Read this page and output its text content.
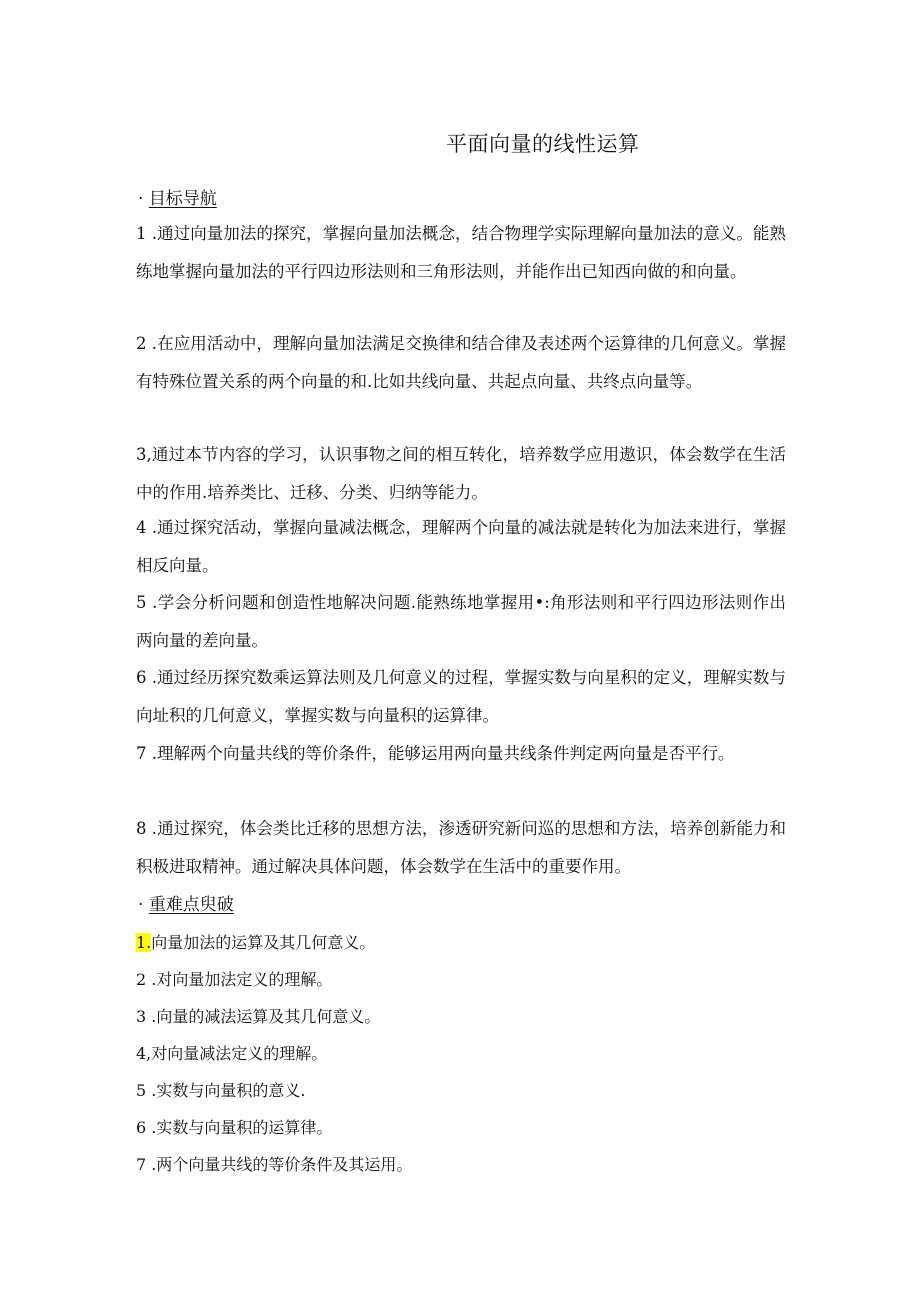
平面向量的线性运算
· 目标导航
1 .通过向量加法的探究，掌握向量加法概念，结合物理学实际理解向量加法的意义。能熟练地掌握向量加法的平行四边形法则和三角形法则，并能作出已知西向做的和向量。
2 .在应用活动中，理解向量加法满足交换律和结合律及表述两个运算律的几何意义。掌握有特殊位置关系的两个向量的和.比如共线向量、共起点向量、共终点向量等。
3,通过本节内容的学习，认识事物之间的相互转化，培养数学应用遨识，体会数学在生活中的作用.培养类比、迁移、分类、归纳等能力。
4 .通过探究活动，掌握向量减法概念，理解两个向量的减法就是转化为加法来进行，掌握相反向量。
5 .学会分析问题和创造性地解决问题.能熟练地掌握用•:角形法则和平行四边形法则作出两向量的差向量。
6 .通过经历探究数乘运算法则及几何意义的过程，掌握实数与向星积的定义，理解实数与向址积的几何意义，掌握实数与向量积的运算律。
7 .理解两个向量共线的等价条件，能够运用两向量共线条件判定两向量是否平行。
8 .通过探究，体会类比迁移的思想方法，渗透研究新问巡的思想和方法，培养创新能力和积极进取精神。通过解决具体问题，体会数学在生活中的重要作用。
· 重难点臾破
1.向量加法的运算及其几何意义。
2 .对向量加法定义的理解。
3 .向量的减法运算及其几何意义。
4,对向量减法定义的理解。
5 .实数与向量积的意义.
6 .实数与向量积的运算律。
7 .两个向量共线的等价条件及其运用。
